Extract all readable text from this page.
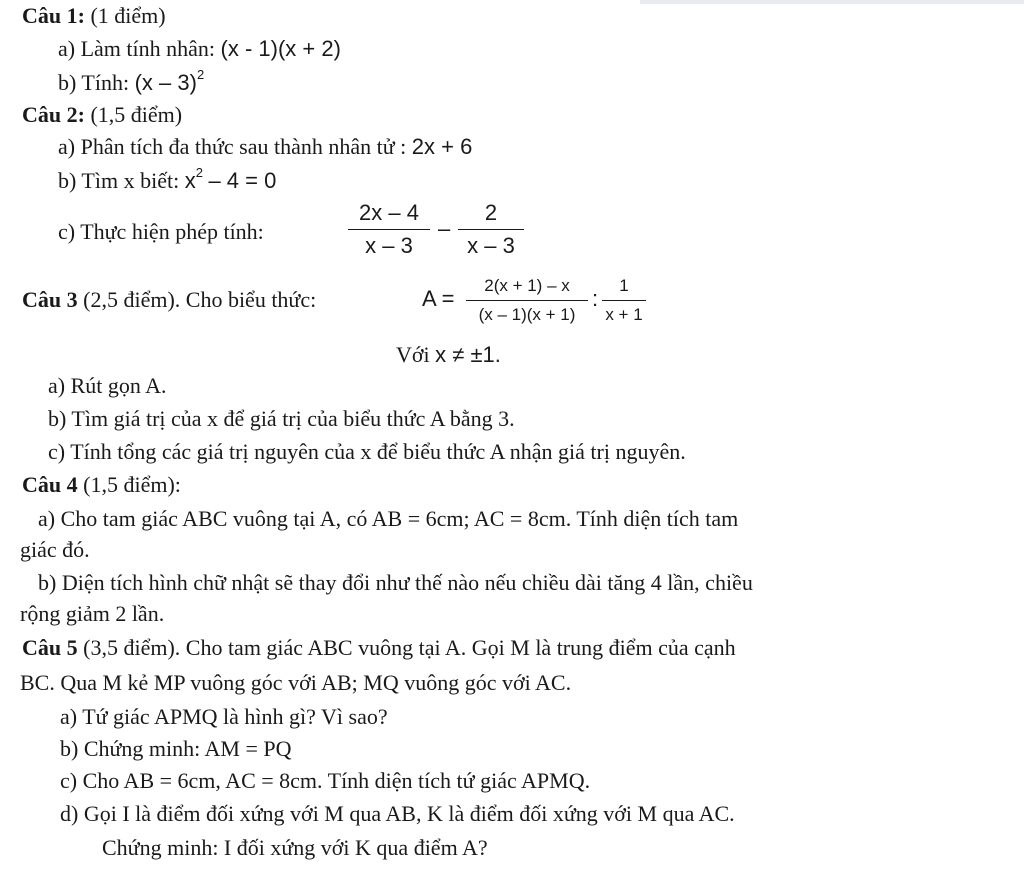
Câu 1: (1 điểm)
a) Làm tính nhân: (x - 1)(x + 2)
b) Tính: (x – 3)$^2$
Câu 2: (1,5 điểm)
a) Phân tích đa thức sau thành nhân tử : 2x + 6
b) Tìm x biết: $x^2 - 4 = 0$
c) Thực hiện phép tính:
2x – 4
x – 3
–
2
x – 3
Câu 3 (2,5 điểm). Cho biểu thức:	A =
2(x + 1) – x
(x – 1)(x + 1)
:
1
x + 1
Với x ≠ ±1.
a) Rút gọn A.
b) Tìm giá trị của x để giá trị của biểu thức A bằng 3.
c) Tính tổng các giá trị nguyên của x để biểu thức A nhận giá trị nguyên.
Câu 4 (1,5 điểm):
a) Cho tam giác ABC vuông tại A, có AB = 6cm; AC = 8cm. Tính diện tích tam
giác đó.
b) Diện tích hình chữ nhật sẽ thay đổi như thế nào nếu chiều dài tăng 4 lần, chiều
rộng giảm 2 lần.
Câu 5 (3,5 điểm). Cho tam giác ABC vuông tại A. Gọi M là trung điểm của cạnh
BC. Qua M kẻ MP vuông góc với AB; MQ vuông góc với AC.
a) Tứ giác APMQ là hình gì? Vì sao?
b) Chứng minh: AM = PQ
c) Cho AB = 6cm, AC = 8cm. Tính diện tích tứ giác APMQ.
d) Gọi I là điểm đối xứng với M qua AB, K là điểm đối xứng với M qua AC.
Chứng minh: I đối xứng với K qua điểm A?
